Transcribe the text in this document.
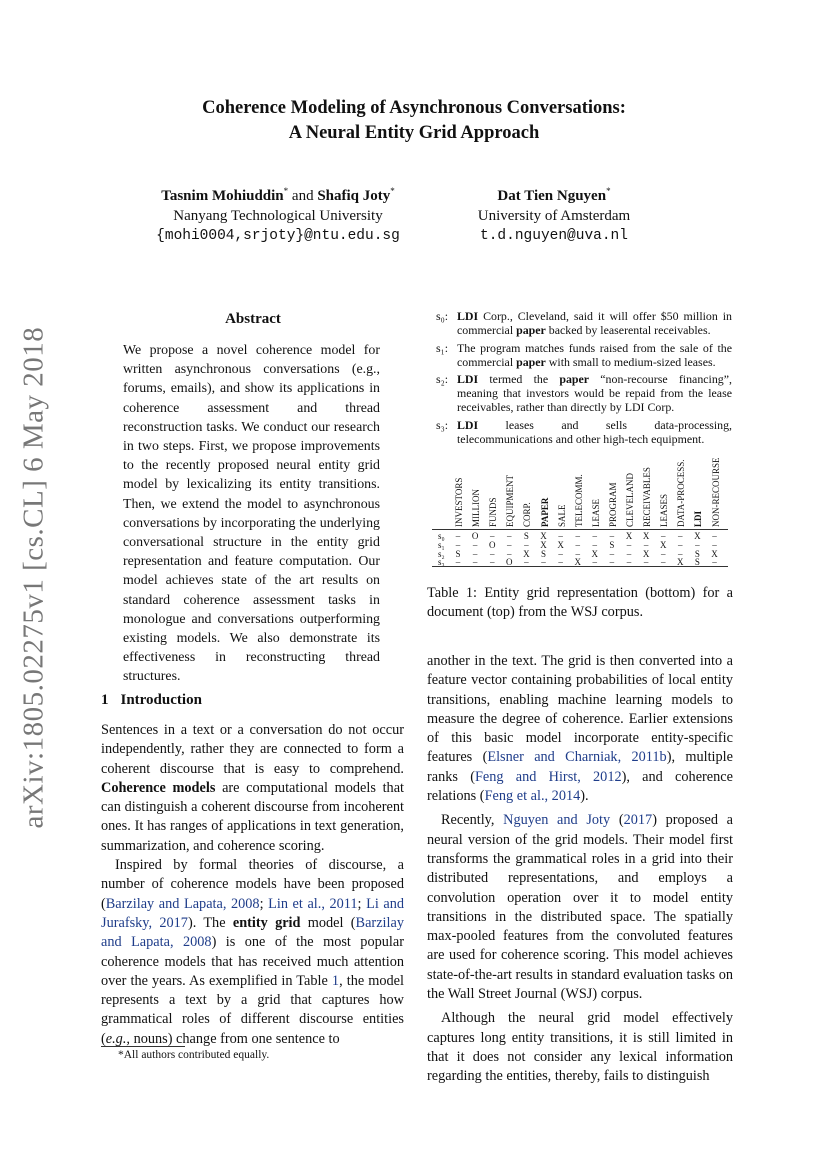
Coherence Modeling of Asynchronous Conversations:
A Neural Entity Grid Approach
Tasnim Mohiuddin* and Shafiq Joty*
Nanyang Technological University
{mohi0004,srjoty}@ntu.edu.sg
Dat Tien Nguyen*
University of Amsterdam
t.d.nguyen@uva.nl
arXiv:1805.02275v1 [cs.CL] 6 May 2018
Abstract
We propose a novel coherence model for written asynchronous conversations (e.g., forums, emails), and show its applications in coherence assessment and thread reconstruction tasks. We conduct our research in two steps. First, we propose improvements to the recently proposed neural entity grid model by lexicalizing its entity transitions. Then, we extend the model to asynchronous conversations by incorporating the underlying conversational structure in the entity grid representation and feature computation. Our model achieves state of the art results on standard coherence assessment tasks in monologue and conversations outperforming existing models. We also demonstrate its effectiveness in reconstructing thread structures.
1 Introduction

Sentences in a text or a conversation do not occur independently, rather they are connected to form a coherent discourse that is easy to comprehend. Coherence models are computational models that can distinguish a coherent discourse from incoherent ones. It has ranges of applications in text generation, summarization, and coherence scoring.

Inspired by formal theories of discourse, a number of coherence models have been proposed (Barzilay and Lapata, 2008; Lin et al., 2011; Li and Jurafsky, 2017). The entity grid model (Barzilay and Lapata, 2008) is one of the most popular coherence models that has received much attention over the years. As exemplified in Table 1, the model represents a text by a grid that captures how grammatical roles of different discourse entities (e.g., nouns) change from one sentence to

*All authors contributed equally.
s₀: LDI Corp., Cleveland, said it will offer $50 million in commercial paper backed by leaserental receivables.
s₁: The program matches funds raised from the sale of the commercial paper with small to medium-sized leases.
s₂: LDI termed the paper “non-recourse financing”, meaning that investors would be repaid from the lease receivables, rather than directly by LDI Corp.
s₃: LDI leases and sells data-processing, telecommunications and other high-tech equipment.
INVESTORS MILLION FUNDS EQUIPMENT CORP. PAPER SALE TELECOMM. LEASE PROGRAM CLEVELAND RECEIVABLES LEASES DATA-PROCESS. LDI NON-RECOURSE
s₀	–	O	–	–	S	X	–	–	–	–	X	X	–	–	X	–
s₁	–	–	O	–	–	X	X	–	–	S	–	–	X	–	–	–
s₂	S	–	–	–	X	S	–	–	X	–	–	X	–	–	S	X
s₃	–	–	–	O	–	–	–	X	–	–	–	–	–	X	S	–
Table 1: Entity grid representation (bottom) for a document (top) from the WSJ corpus.

another in the text. The grid is then converted into a feature vector containing probabilities of local entity transitions, enabling machine learning models to measure the degree of coherence. Earlier extensions of this basic model incorporate entity-specific features (Elsner and Charniak, 2011b), multiple ranks (Feng and Hirst, 2012), and coherence relations (Feng et al., 2014).

Recently, Nguyen and Joty (2017) proposed a neural version of the grid models. Their model first transforms the grammatical roles in a grid into their distributed representations, and employs a convolution operation over it to model entity transitions in the distributed space. The spatially max-pooled features from the convoluted features are used for coherence scoring. This model achieves state-of-the-art results in standard evaluation tasks on the Wall Street Journal (WSJ) corpus.

Although the neural grid model effectively captures long entity transitions, it is still limited in that it does not consider any lexical information regarding the entities, thereby, fails to distinguish
